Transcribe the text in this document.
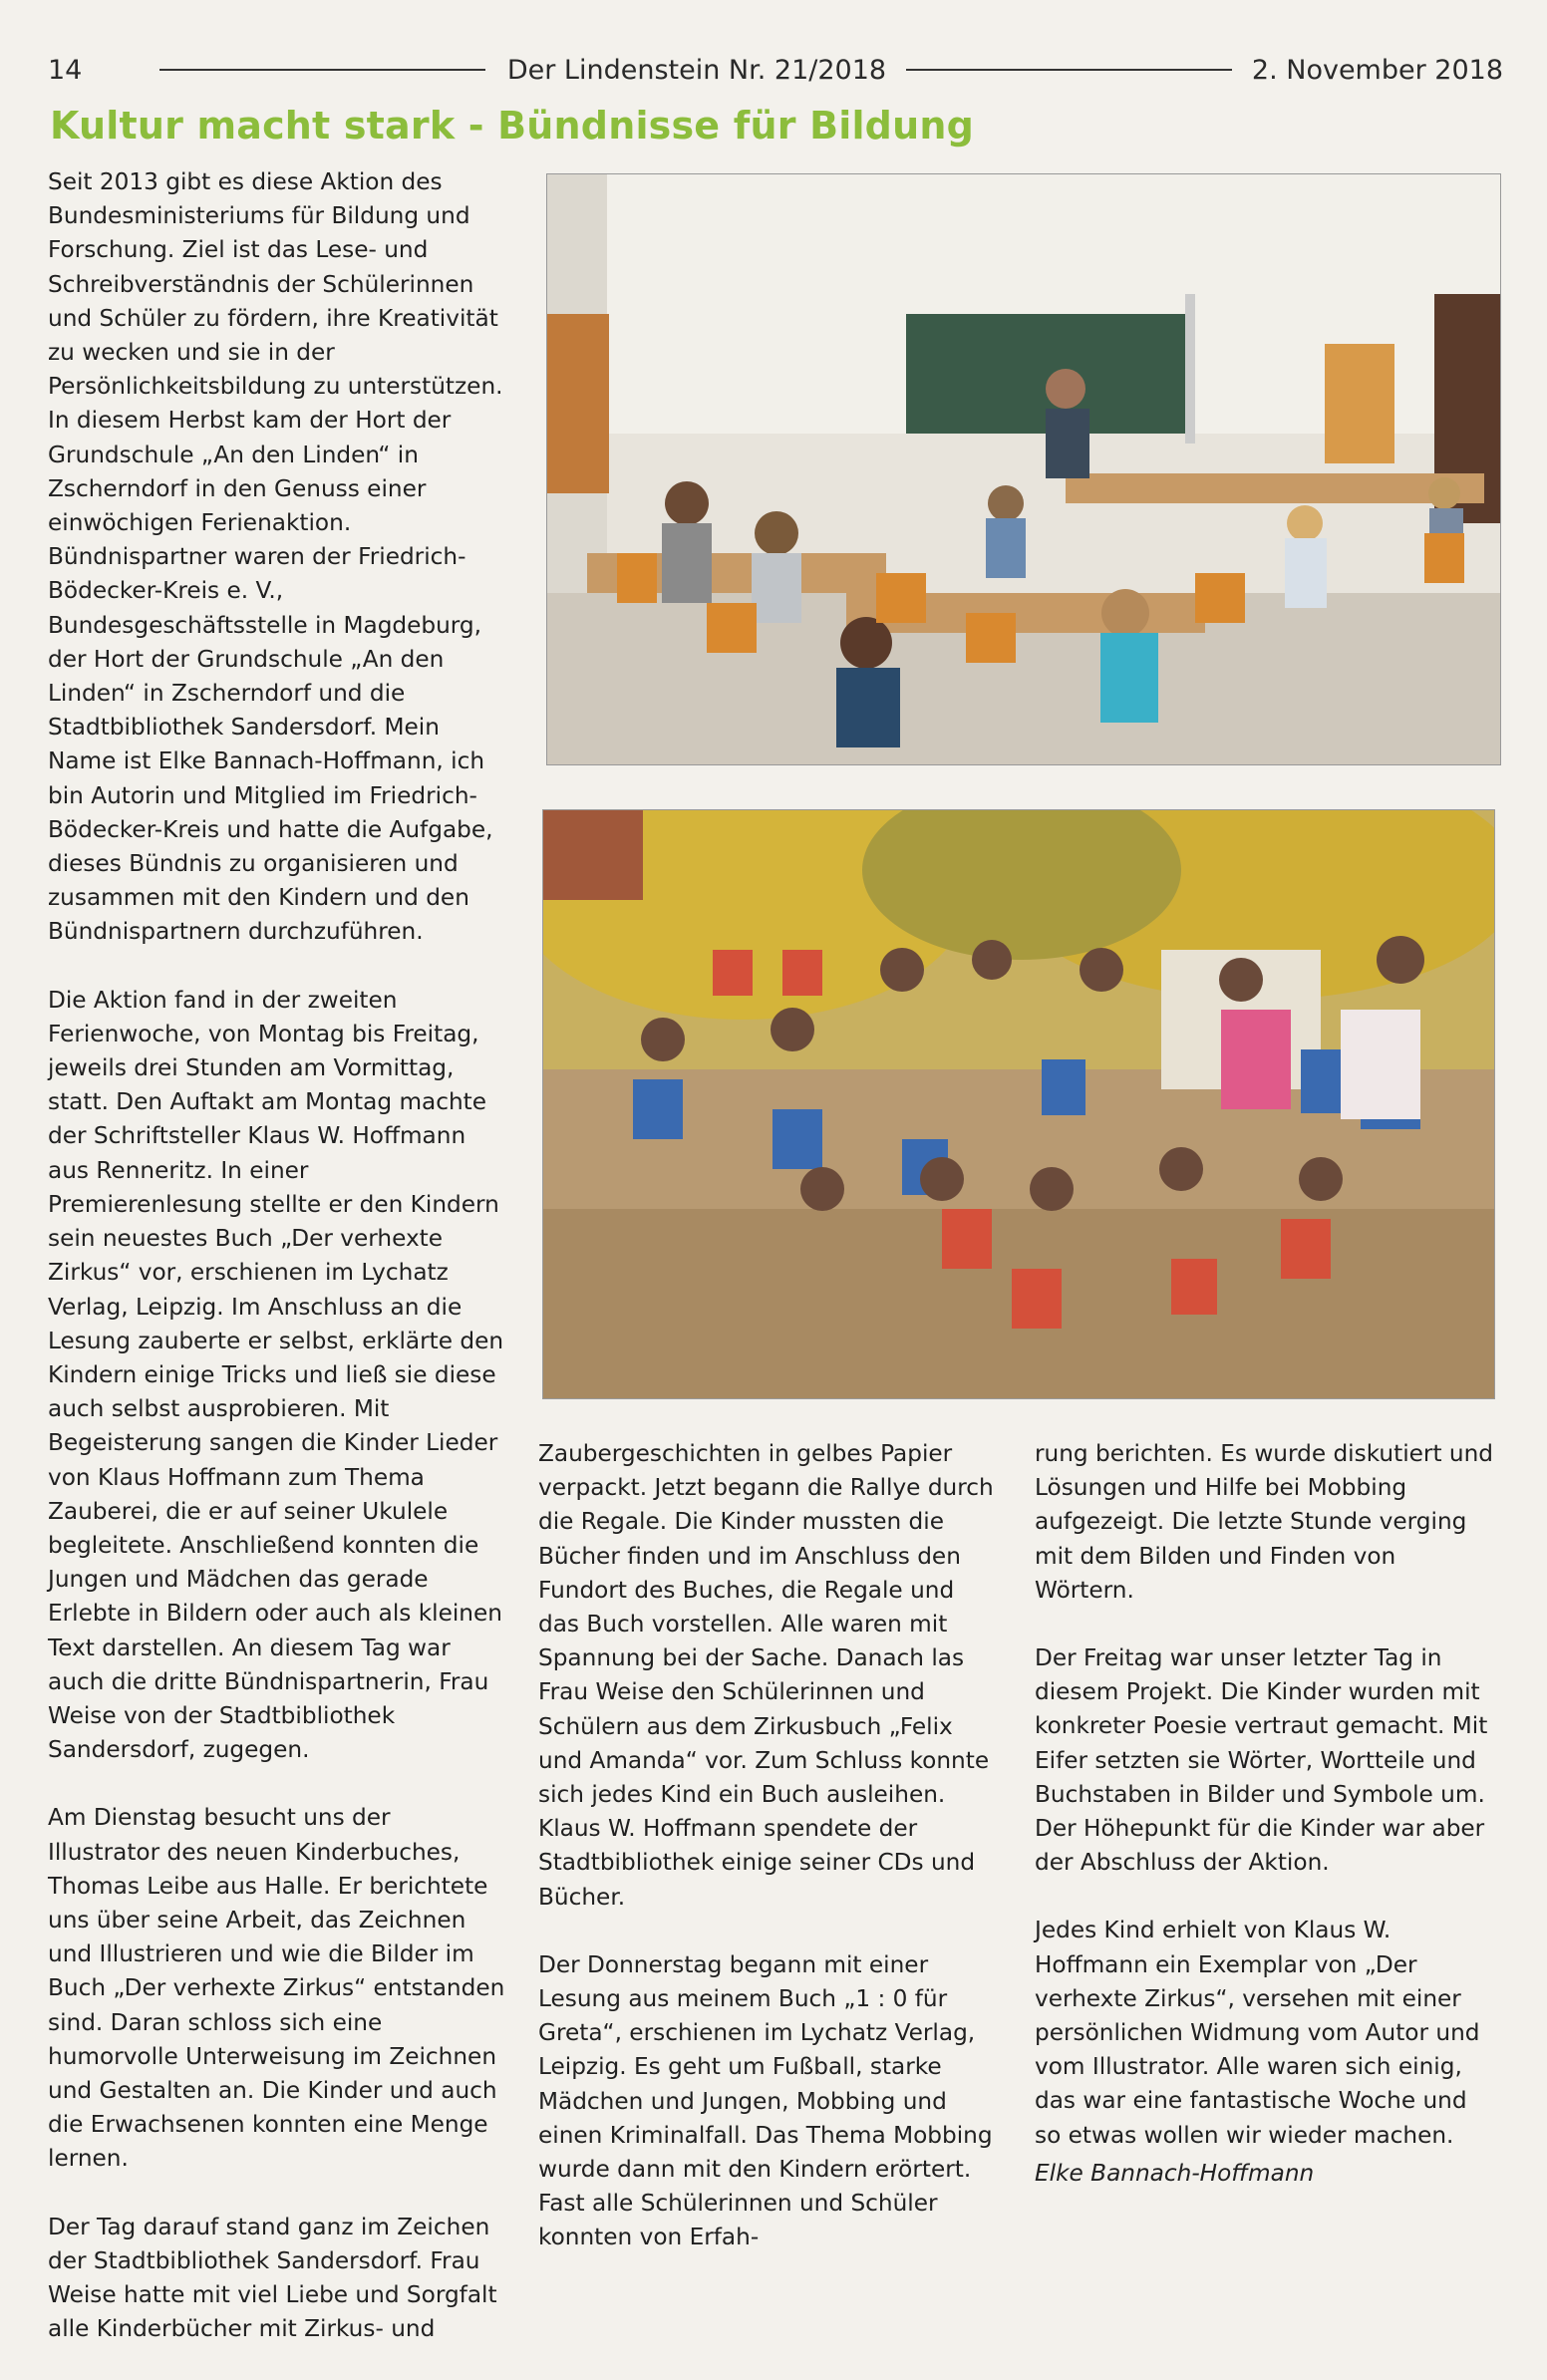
14	Der Lindenstein Nr. 21/2018	2. November 2018
Kultur macht stark - Bündnisse für Bildung

Seit 2013 gibt es diese Aktion des Bundesministeriums für Bildung und Forschung. Ziel ist das Lese- und Schreibverständnis der Schülerinnen und Schüler zu fördern, ihre Kreativität zu wecken und sie in der Persönlichkeitsbildung zu unterstützen. In diesem Herbst kam der Hort der Grundschule „An den Linden“ in Zscherndorf in den Genuss einer einwöchigen Ferienaktion. Bündnispartner waren der Friedrich-Bödecker-Kreis e. V., Bundesgeschäftsstelle in Magdeburg, der Hort der Grundschule „An den Linden“ in Zscherndorf und die Stadtbibliothek Sandersdorf. Mein Name ist Elke Bannach-Hoffmann, ich bin Autorin und Mitglied im Friedrich-Bödecker-Kreis und hatte die Aufgabe, dieses Bündnis zu organisieren und zusammen mit den Kindern und den Bündnispartnern durchzuführen.

Die Aktion fand in der zweiten Ferienwoche, von Montag bis Freitag, jeweils drei Stunden am Vormittag, statt. Den Auftakt am Montag machte der Schriftsteller Klaus W. Hoffmann aus Renneritz. In einer Premierenlesung stellte er den Kindern sein neuestes Buch „Der verhexte Zirkus“ vor, erschienen im Lychatz Verlag, Leipzig. Im Anschluss an die Lesung zauberte er selbst, erklärte den Kindern einige Tricks und ließ sie diese auch selbst ausprobieren. Mit Begeisterung sangen die Kinder Lieder von Klaus Hoffmann zum Thema Zauberei, die er auf seiner Ukulele begleitete. Anschließend konnten die Jungen und Mädchen das gerade Erlebte in Bildern oder auch als kleinen Text darstellen. An diesem Tag war auch die dritte Bündnispartnerin, Frau Weise von der Stadtbibliothek Sandersdorf, zugegen.

Am Dienstag besucht uns der Illustrator des neuen Kinderbuches, Thomas Leibe aus Halle. Er berichtete uns über seine Arbeit, das Zeichnen und Illustrieren und wie die Bilder im Buch „Der verhexte Zirkus“ entstanden sind. Daran schloss sich eine humorvolle Unterweisung im Zeichnen und Gestalten an. Die Kinder und auch die Erwachsenen konnten eine Menge lernen.

Der Tag darauf stand ganz im Zeichen der Stadtbibliothek Sandersdorf. Frau Weise hatte mit viel Liebe und Sorgfalt alle Kinderbücher mit Zirkus- und

Zaubergeschichten in gelbes Papier verpackt. Jetzt begann die Rallye durch die Regale. Die Kinder mussten die Bücher finden und im Anschluss den Fundort des Buches, die Regale und das Buch vorstellen. Alle waren mit Spannung bei der Sache. Danach las Frau Weise den Schülerinnen und Schülern aus dem Zirkusbuch „Felix und Amanda“ vor. Zum Schluss konnte sich jedes Kind ein Buch ausleihen. Klaus W. Hoffmann spendete der Stadtbibliothek einige seiner CDs und Bücher.

Der Donnerstag begann mit einer Lesung aus meinem Buch „1 : 0 für Greta“, erschienen im Lychatz Verlag, Leipzig. Es geht um Fußball, starke Mädchen und Jungen, Mobbing und einen Kriminalfall. Das Thema Mobbing wurde dann mit den Kindern erörtert. Fast alle Schülerinnen und Schüler konnten von Erfah-

rung berichten. Es wurde diskutiert und Lösungen und Hilfe bei Mobbing aufgezeigt. Die letzte Stunde verging mit dem Bilden und Finden von Wörtern.

Der Freitag war unser letzter Tag in diesem Projekt. Die Kinder wurden mit konkreter Poesie vertraut gemacht. Mit Eifer setzten sie Wörter, Wortteile und Buchstaben in Bilder und Symbole um. Der Höhepunkt für die Kinder war aber der Abschluss der Aktion.

Jedes Kind erhielt von Klaus W. Hoffmann ein Exemplar von „Der verhexte Zirkus“, versehen mit einer persönlichen Widmung vom Autor und vom Illustrator. Alle waren sich einig, das war eine fantastische Woche und so etwas wollen wir wieder machen.

Elke Bannach-Hoffmann
